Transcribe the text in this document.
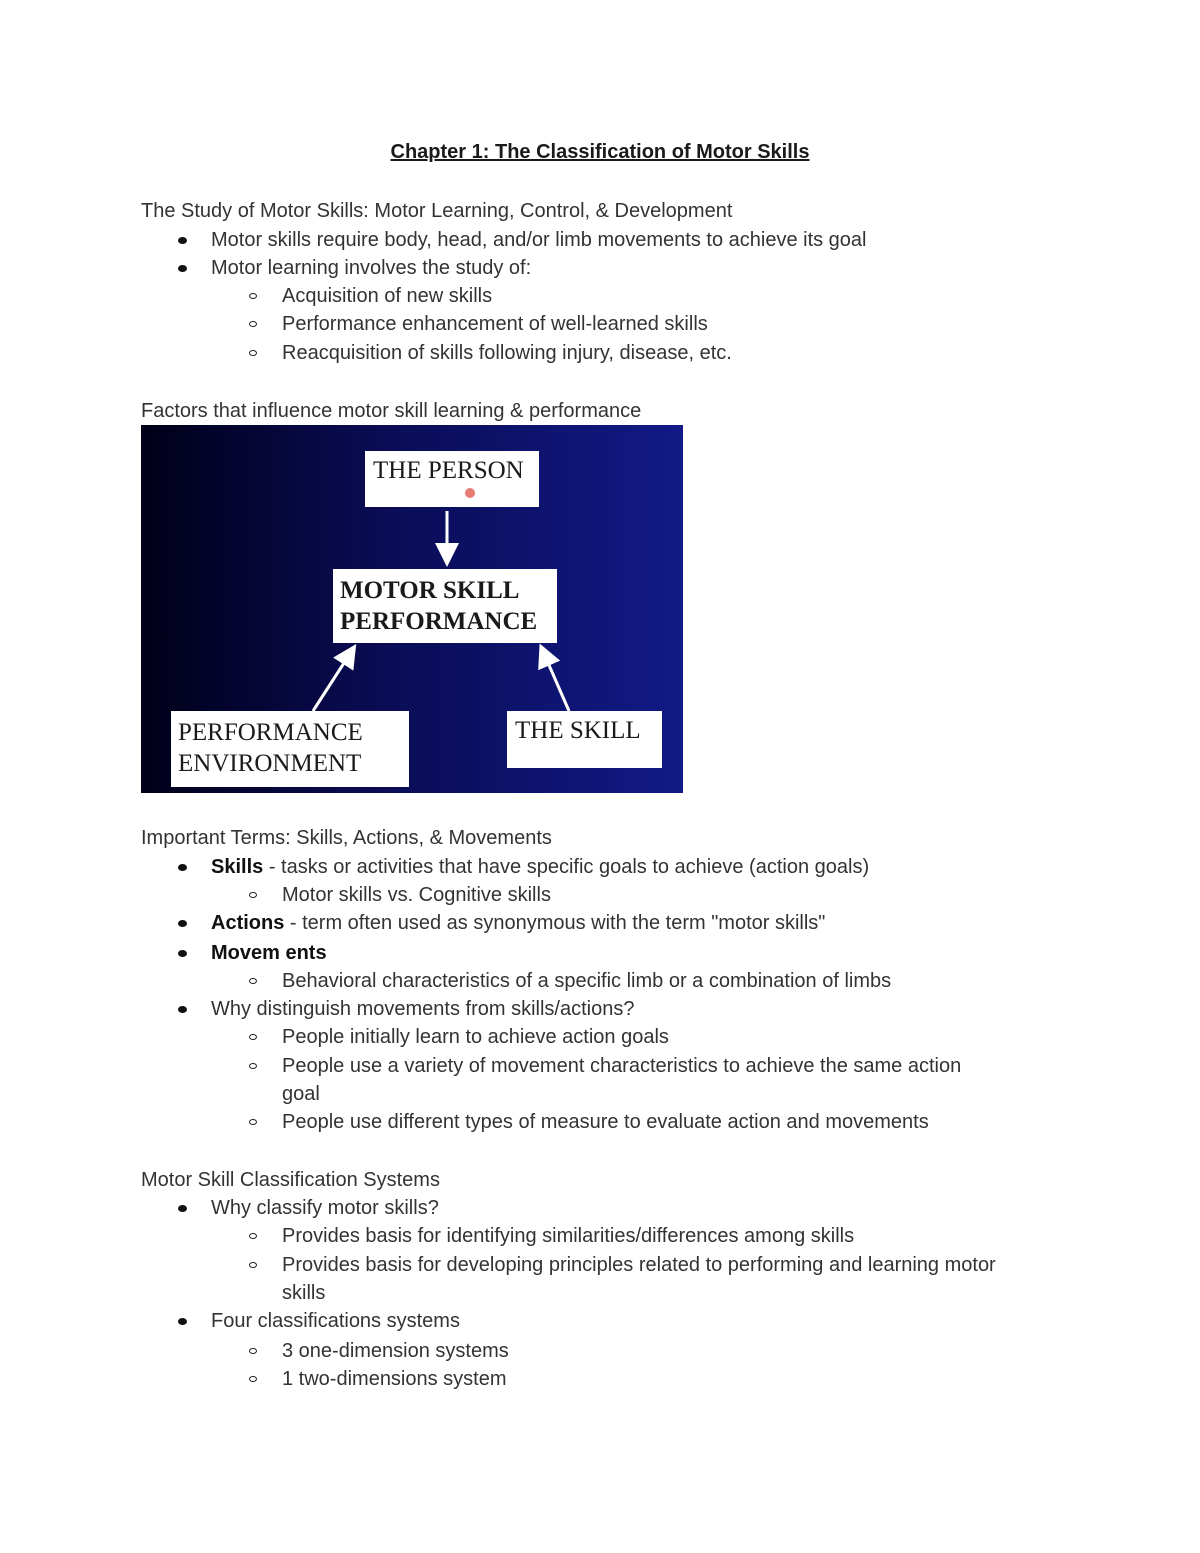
Chapter 1: The Classification of Motor Skills

The Study of Motor Skills: Motor Learning, Control, & Development

Motor skills require body, head, and/or limb movements to achieve its goal
Motor learning involves the study of:
Acquisition of new skills
Performance enhancement of well-learned skills
Reacquisition of skills following injury, disease, etc.

Factors that influence motor skill learning & performance

THE PERSON
MOTOR SKILL
PERFORMANCE
PERFORMANCE
ENVIRONMENT
THE SKILL

Important Terms: Skills, Actions, & Movements

Skills - tasks or activities that have specific goals to achieve (action goals)
Motor skills vs. Cognitive skills
Actions - term often used as synonymous with the term "motor skills"
Movem ents
Behavioral characteristics of a specific limb or a combination of limbs
Why distinguish movements from skills/actions?
People initially learn to achieve action goals
People use a variety of movement characteristics to achieve the same action
goal
People use different types of measure to evaluate action and movements

Motor Skill Classification Systems

Why classify motor skills?
Provides basis for identifying similarities/differences among skills
Provides basis for developing principles related to performing and learning motor
skills
Four classifications systems
3 one-dimension systems
1 two-dimensions system
